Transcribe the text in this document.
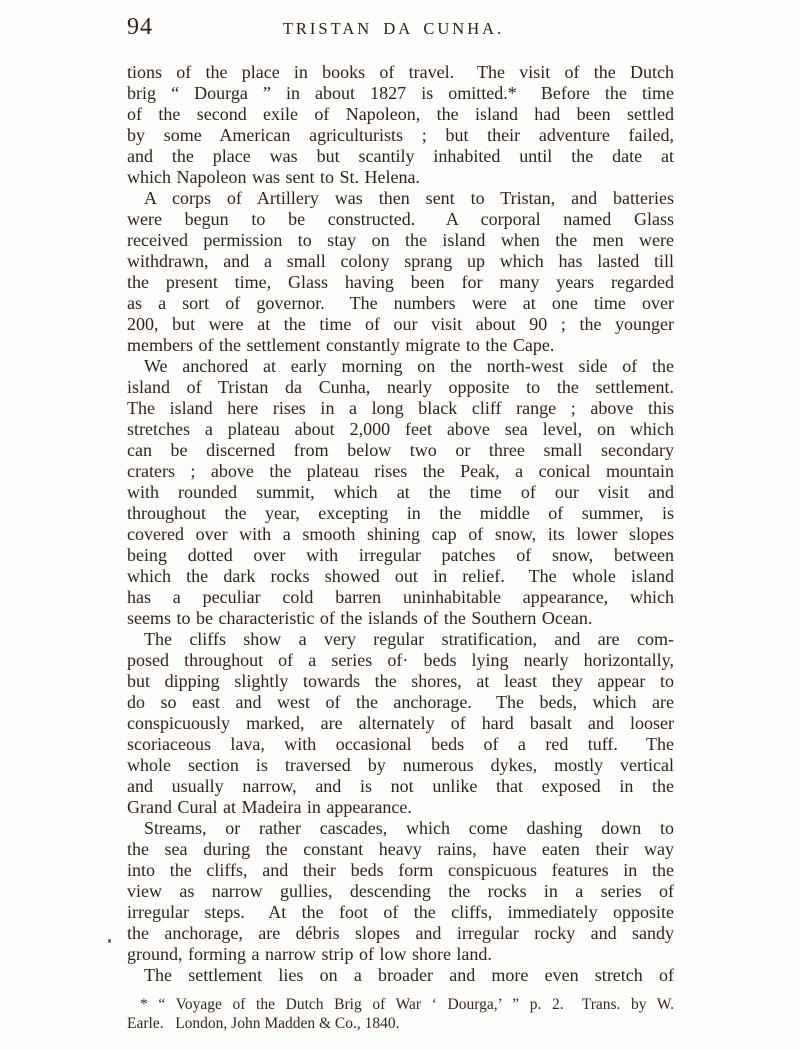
94	TRISTAN DA CUNHA.
tions of the place in books of travel.  The visit of the Dutch
brig “ Dourga ” in about 1827 is omitted.*  Before the time
of the second exile of Napoleon, the island had been settled
by some American agriculturists ; but their adventure failed,
and the place was but scantily inhabited until the date at
which Napoleon was sent to St. Helena.
A corps of Artillery was then sent to Tristan, and batteries
were begun to be constructed.  A corporal named Glass
received permission to stay on the island when the men were
withdrawn, and a small colony sprang up which has lasted till
the present time, Glass having been for many years regarded
as a sort of governor.  The numbers were at one time over
200, but were at the time of our visit about 90 ; the younger
members of the settlement constantly migrate to the Cape.
We anchored at early morning on the north-west side of the
island of Tristan da Cunha, nearly opposite to the settlement.
The island here rises in a long black cliff range ; above this
stretches a plateau about 2,000 feet above sea level, on which
can be discerned from below two or three small secondary
craters ; above the plateau rises the Peak, a conical mountain
with rounded summit, which at the time of our visit and
throughout the year, excepting in the middle of summer, is
covered over with a smooth shining cap of snow, its lower slopes
being dotted over with irregular patches of snow, between
which the dark rocks showed out in relief.  The whole island
has a peculiar cold barren uninhabitable appearance, which
seems to be characteristic of the islands of the Southern Ocean.
The cliffs show a very regular stratification, and are com-
posed throughout of a series of· beds lying nearly horizontally,
but dipping slightly towards the shores, at least they appear to
do so east and west of the anchorage.  The beds, which are
conspicuously marked, are alternately of hard basalt and looser
scoriaceous lava, with occasional beds of a red tuff.  The
whole section is traversed by numerous dykes, mostly vertical
and usually narrow, and is not unlike that exposed in the
Grand Cural at Madeira in appearance.
Streams, or rather cascades, which come dashing down to
the sea during the constant heavy rains, have eaten their way
into the cliffs, and their beds form conspicuous features in the
view as narrow gullies, descending the rocks in a series of
irregular steps.  At the foot of the cliffs, immediately opposite
the anchorage, are débris slopes and irregular rocky and sandy
ground, forming a narrow strip of low shore land.
The settlement lies on a broader and more even stretch of
* “ Voyage of the Dutch Brig of War ‘ Dourga,’ ” p. 2.  Trans. by W.
Earle.  London, John Madden & Co., 1840.
